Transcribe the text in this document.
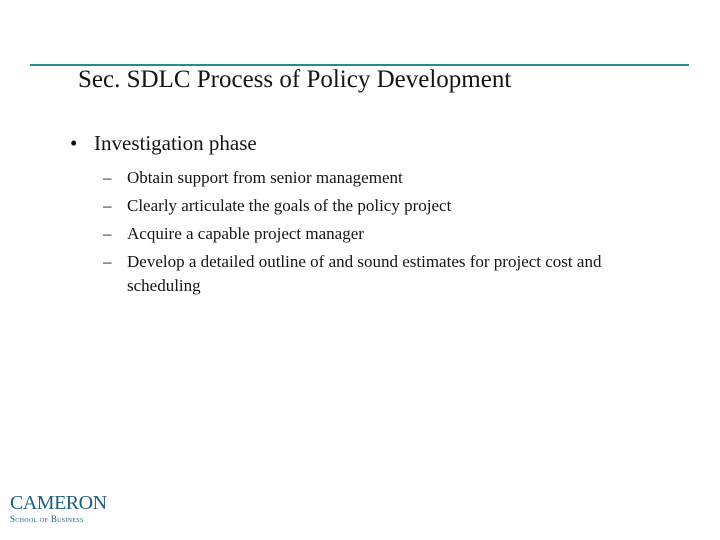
Sec. SDLC Process of Policy Development
• Investigation phase
– Obtain support from senior management
– Clearly articulate the goals of the policy project
– Acquire a capable project manager
– Develop a detailed outline of and sound estimates for project cost and scheduling
CAMERON
School of Business
